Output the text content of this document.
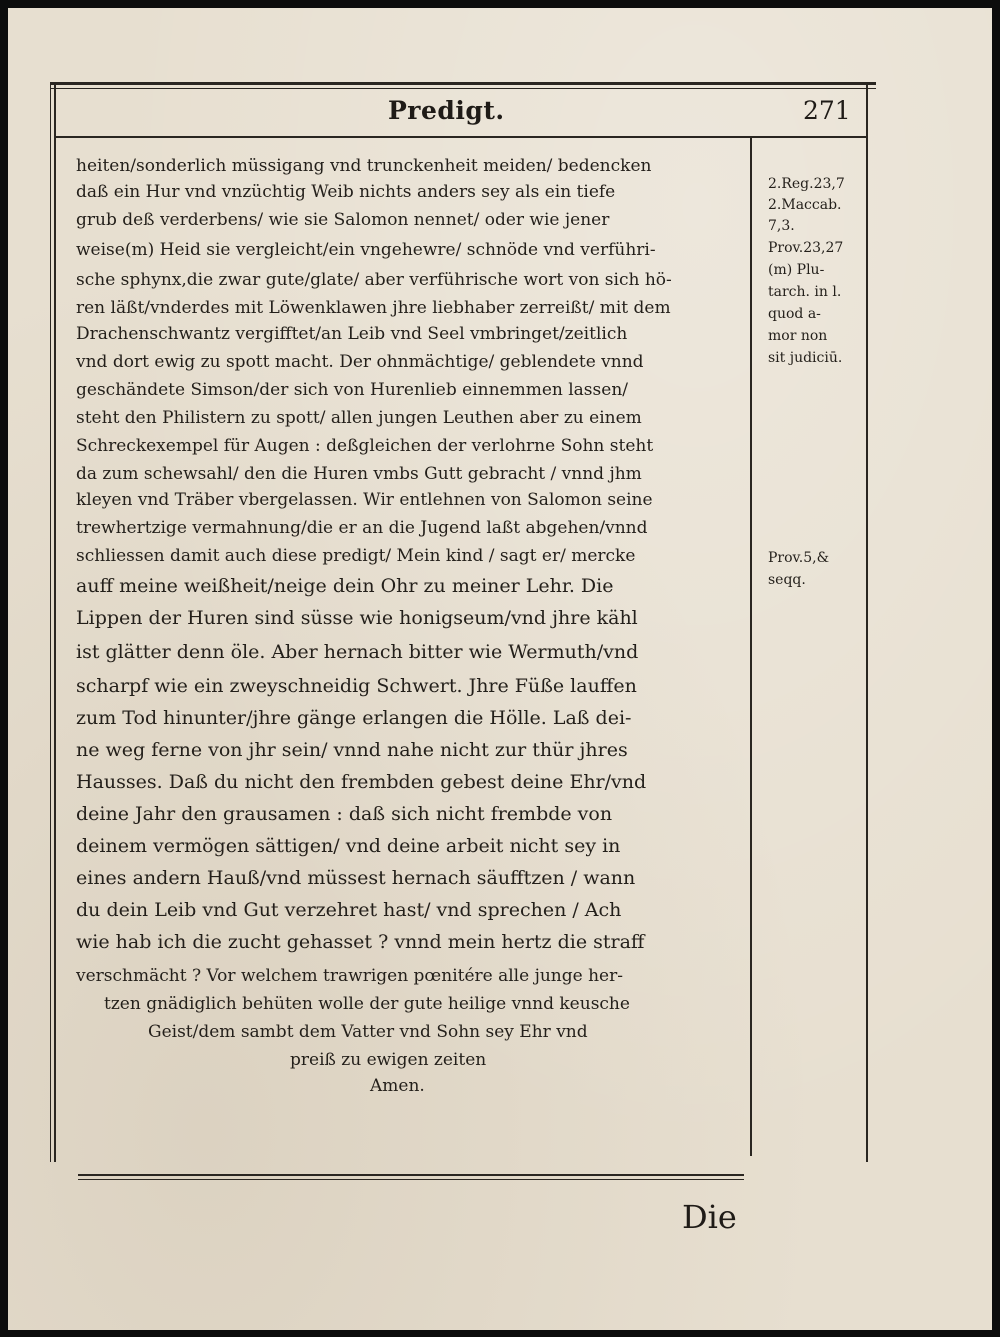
Predigt.	271
heiten/sonderlich müssigang vnd trunckenheit meiden/ bedencken
daß ein Hur vnd vnzüchtig Weib nichts anders sey als ein tiefe
grub deß verderbens/ wie sie Salomon nennet/ oder wie jener
weise(m) Heid sie vergleicht/ein vngehewre/ schnöde vnd verführi-
sche sphynx,die zwar gute/glate/ aber verführische wort von sich hö-
ren läßt/vnderdes mit Löwenklawen jhre liebhaber zerreißt/ mit dem
Drachenschwantz vergifftet/an Leib vnd Seel vmbringet/zeitlich
vnd dort ewig zu spott macht. Der ohnmächtige/ geblendete vnnd
geschändete Simson/der sich von Hurenlieb einnemmen lassen/
steht den Philistern zu spott/ allen jungen Leuthen aber zu einem
Schreckexempel für Augen : deßgleichen der verlohrne Sohn steht
da zum schewsahl/ den die Huren vmbs Gutt gebracht / vnnd jhm
kleyen vnd Träber vbergelassen. Wir entlehnen von Salomon seine
trewhertzige vermahnung/die er an die Jugend laßt abgehen/vnnd
schliessen damit auch diese predigt/ Mein kind / sagt er/ mercke
auff meine weißheit/neige dein Ohr zu meiner Lehr. Die
Lippen der Huren sind süsse wie honigseum/vnd jhre kähl
ist glätter denn öle. Aber hernach bitter wie Wermuth/vnd
scharpf wie ein zweyschneidig Schwert. Jhre Füße lauffen
zum Tod hinunter/jhre gänge erlangen die Hölle. Laß dei-
ne weg ferne von jhr sein/ vnnd nahe nicht zur thür jhres
Hausses. Daß du nicht den frembden gebest deine Ehr/vnd
deine Jahr den grausamen : daß sich nicht frembde von
deinem vermögen sättigen/ vnd deine arbeit nicht sey in
eines andern Hauß/vnd müssest hernach säufftzen / wann
du dein Leib vnd Gut verzehret hast/ vnd sprechen / Ach
wie hab ich die zucht gehasset ? vnnd mein hertz die straff
verschmächt ? Vor welchem trawrigen pœnitére alle junge her-
tzen gnädiglich behüten wolle der gute heilige vnnd keusche
Geist/dem sambt dem Vatter vnd Sohn sey Ehr vnd
preiß zu ewigen zeiten
Amen.
2.Reg.23,7
2.Maccab.
7,3.
Prov.23,27
(m) Plu-
tarch. in l.
quod a-
mor non
sit judiciū.
Prov.5,&
seqq.
Die
